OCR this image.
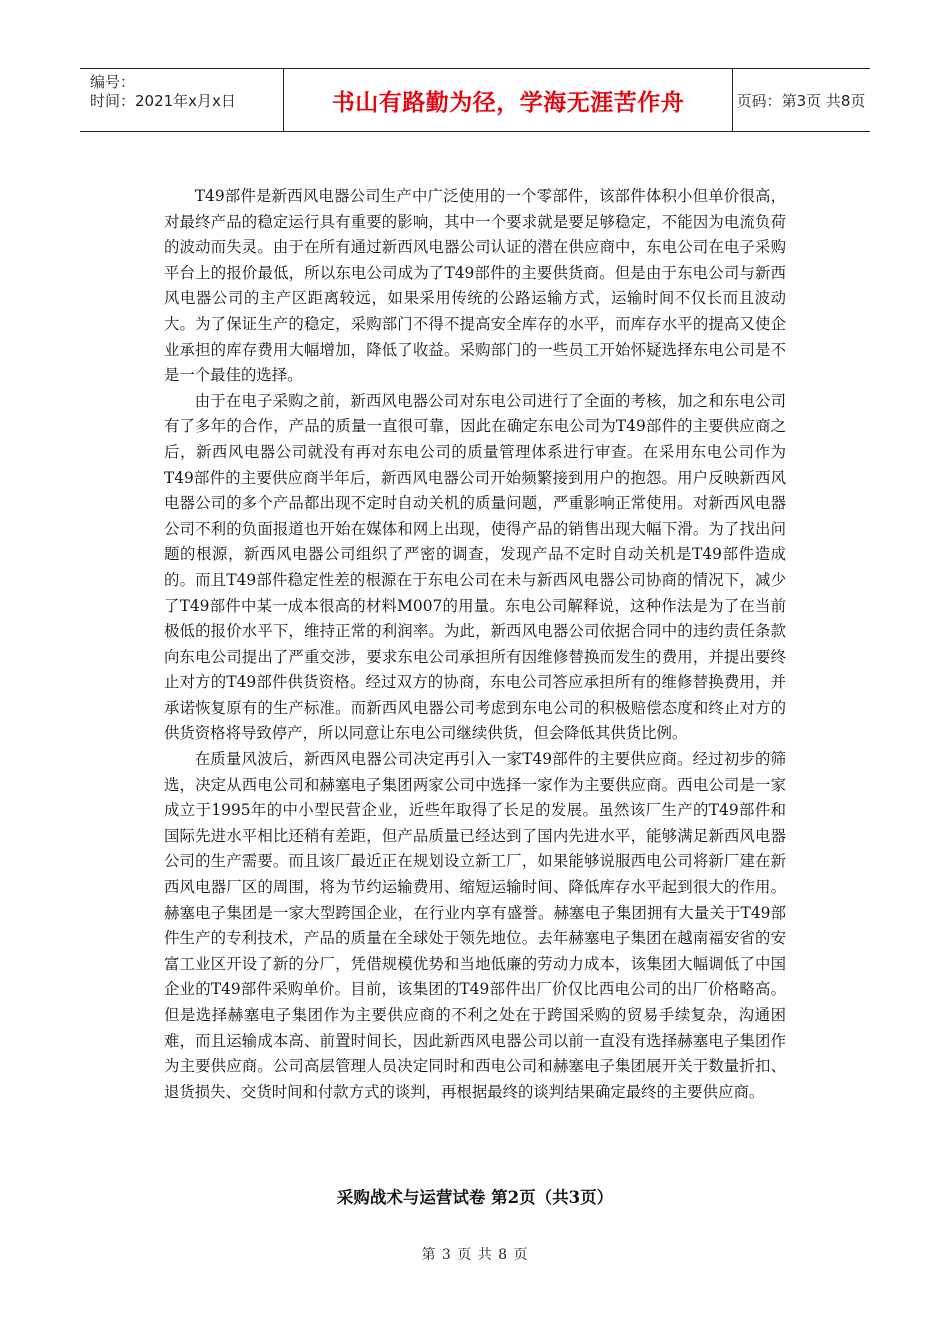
编号：
时间：2021年x月x日	书山有路勤为径，学海无涯苦作舟	页码：第3页 共8页

T49部件是新西风电器公司生产中广泛使用的一个零部件，该部件体积小但单价很高，对最终产品的稳定运行具有重要的影响，其中一个要求就是要足够稳定，不能因为电流负荷的波动而失灵。由于在所有通过新西风电器公司认证的潜在供应商中，东电公司在电子采购平台上的报价最低，所以东电公司成为了T49部件的主要供货商。但是由于东电公司与新西风电器公司的主产区距离较远，如果采用传统的公路运输方式，运输时间不仅长而且波动大。为了保证生产的稳定，采购部门不得不提高安全库存的水平，而库存水平的提高又使企业承担的库存费用大幅增加，降低了收益。采购部门的一些员工开始怀疑选择东电公司是不是一个最佳的选择。

由于在电子采购之前，新西风电器公司对东电公司进行了全面的考核，加之和东电公司有了多年的合作，产品的质量一直很可靠，因此在确定东电公司为T49部件的主要供应商之后，新西风电器公司就没有再对东电公司的质量管理体系进行审查。在采用东电公司作为T49部件的主要供应商半年后，新西风电器公司开始频繁接到用户的抱怨。用户反映新西风电器公司的多个产品都出现不定时自动关机的质量问题，严重影响正常使用。对新西风电器公司不利的负面报道也开始在媒体和网上出现，使得产品的销售出现大幅下滑。为了找出问题的根源，新西风电器公司组织了严密的调查，发现产品不定时自动关机是T49部件造成的。而且T49部件稳定性差的根源在于东电公司在未与新西风电器公司协商的情况下，减少了T49部件中某一成本很高的材料M007的用量。东电公司解释说，这种作法是为了在当前极低的报价水平下，维持正常的利润率。为此，新西风电器公司依据合同中的违约责任条款向东电公司提出了严重交涉，要求东电公司承担所有因维修替换而发生的费用，并提出要终止对方的T49部件供货资格。经过双方的协商，东电公司答应承担所有的维修替换费用，并承诺恢复原有的生产标准。而新西风电器公司考虑到东电公司的积极赔偿态度和终止对方的供货资格将导致停产，所以同意让东电公司继续供货，但会降低其供货比例。

在质量风波后，新西风电器公司决定再引入一家T49部件的主要供应商。经过初步的筛选，决定从西电公司和赫塞电子集团两家公司中选择一家作为主要供应商。西电公司是一家成立于1995年的中小型民营企业，近些年取得了长足的发展。虽然该厂生产的T49部件和国际先进水平相比还稍有差距，但产品质量已经达到了国内先进水平，能够满足新西风电器公司的生产需要。而且该厂最近正在规划设立新工厂，如果能够说服西电公司将新厂建在新西风电器厂区的周围，将为节约运输费用、缩短运输时间、降低库存水平起到很大的作用。赫塞电子集团是一家大型跨国企业，在行业内享有盛誉。赫塞电子集团拥有大量关于T49部件生产的专利技术，产品的质量在全球处于领先地位。去年赫塞电子集团在越南福安省的安富工业区开设了新的分厂，凭借规模优势和当地低廉的劳动力成本，该集团大幅调低了中国企业的T49部件采购单价。目前，该集团的T49部件出厂价仅比西电公司的出厂价格略高。但是选择赫塞电子集团作为主要供应商的不利之处在于跨国采购的贸易手续复杂，沟通困难，而且运输成本高、前置时间长，因此新西风电器公司以前一直没有选择赫塞电子集团作为主要供应商。公司高层管理人员决定同时和西电公司和赫塞电子集团展开关于数量折扣、退货损失、交货时间和付款方式的谈判，再根据最终的谈判结果确定最终的主要供应商。

采购战术与运营试卷 第2页（共3页）
第 3 页 共 8 页
